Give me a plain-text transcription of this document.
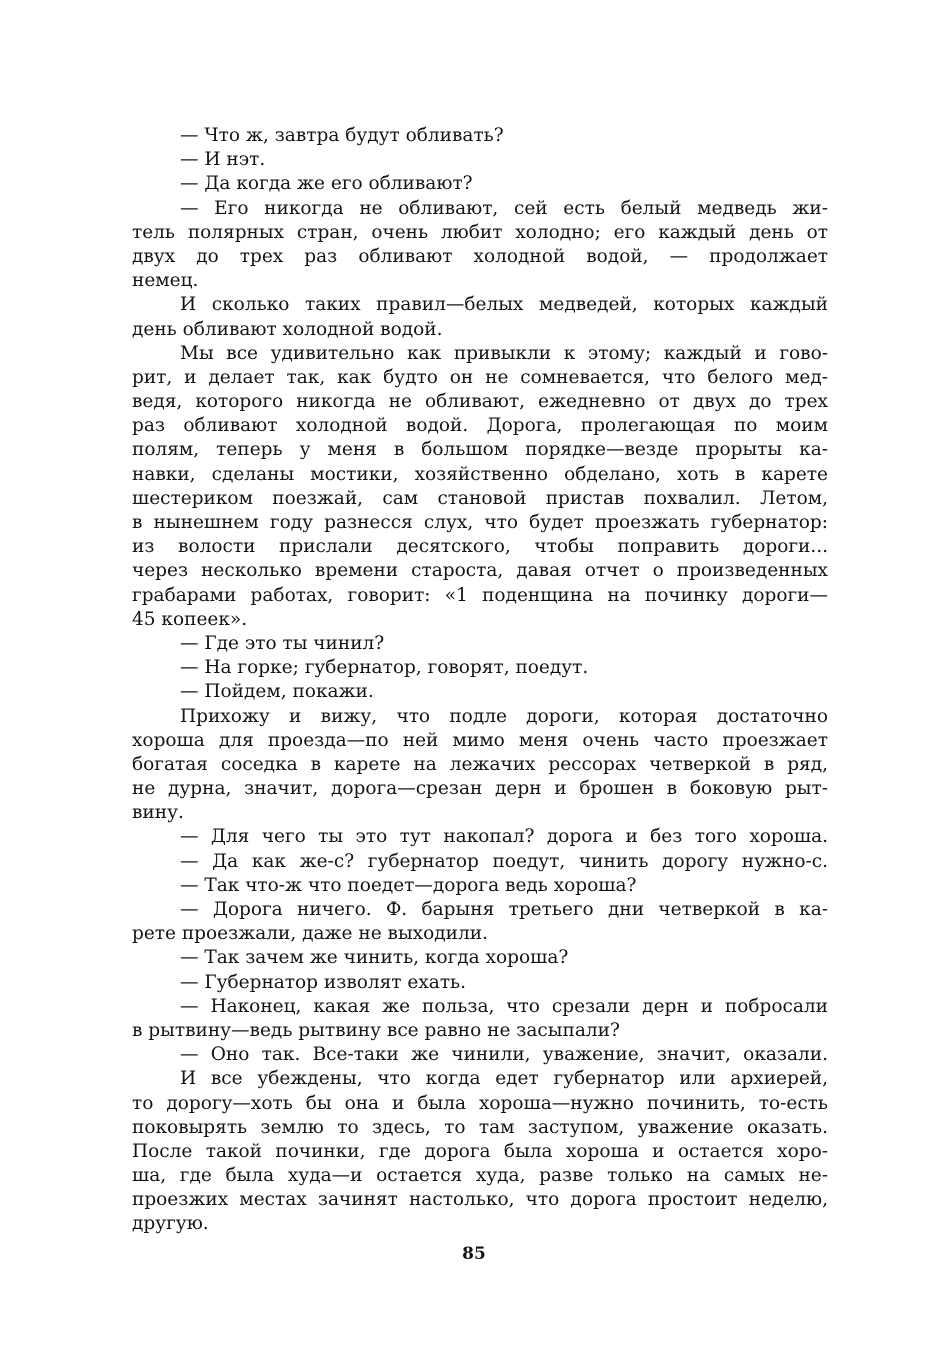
— Что ж, завтра будут обливать?
— И нэт.
— Да когда же его обливают?
— Его никогда не обливают, сей есть белый медведь жи-
тель полярных стран, очень любит холодно; его каждый день от
двух до трех раз обливают холодной водой, — продолжает
немец.
И сколько таких правил—белых медведей, которых каждый
день обливают холодной водой.
Мы все удивительно как привыкли к этому; каждый и гово-
рит, и делает так, как будто он не сомневается, что белого мед-
ведя, которого никогда не обливают, ежедневно от двух до трех
раз обливают холодной водой. Дорога, пролегающая по моим
полям, теперь у меня в большом порядке—везде прорыты ка-
навки, сделаны мостики, хозяйственно обделано, хоть в карете
шестериком поезжай, сам становой пристав похвалил. Летом,
в нынешнем году разнесся слух, что будет проезжать губернатор:
из волости прислали десятского, чтобы поправить дороги...
через несколько времени староста, давая отчет о произведенных
грабарами работах, говорит: «1 поденщина на починку дороги—
45 копеек».
— Где это ты чинил?
— На горке; губернатор, говорят, поедут.
— Пойдем, покажи.
Прихожу и вижу, что подле дороги, которая достаточно
хороша для проезда—по ней мимо меня очень часто проезжает
богатая соседка в карете на лежачих рессорах четверкой в ряд,
не дурна, значит, дорога—срезан дерн и брошен в боковую рыт-
вину.
— Для чего ты это тут накопал? дорога и без того хороша.
— Да как же-с? губернатор поедут, чинить дорогу нужно-с.
— Так что-ж что поедет—дорога ведь хороша?
— Дорога ничего. Ф. барыня третьего дни четверкой в ка-
рете проезжали, даже не выходили.
— Так зачем же чинить, когда хороша?
— Губернатор изволят ехать.
— Наконец, какая же польза, что срезали дерн и побросали
в рытвину—ведь рытвину все равно не засыпали?
— Оно так. Все-таки же чинили, уважение, значит, оказали.
И все убеждены, что когда едет губернатор или архиерей,
то дорогу—хоть бы она и была хороша—нужно починить, то-есть
поковырять землю то здесь, то там заступом, уважение оказать.
После такой починки, где дорога была хороша и остается хоро-
ша, где была худа—и остается худа, разве только на самых не-
проезжих местах зачинят настолько, что дорога простоит неделю,
другую.
85
